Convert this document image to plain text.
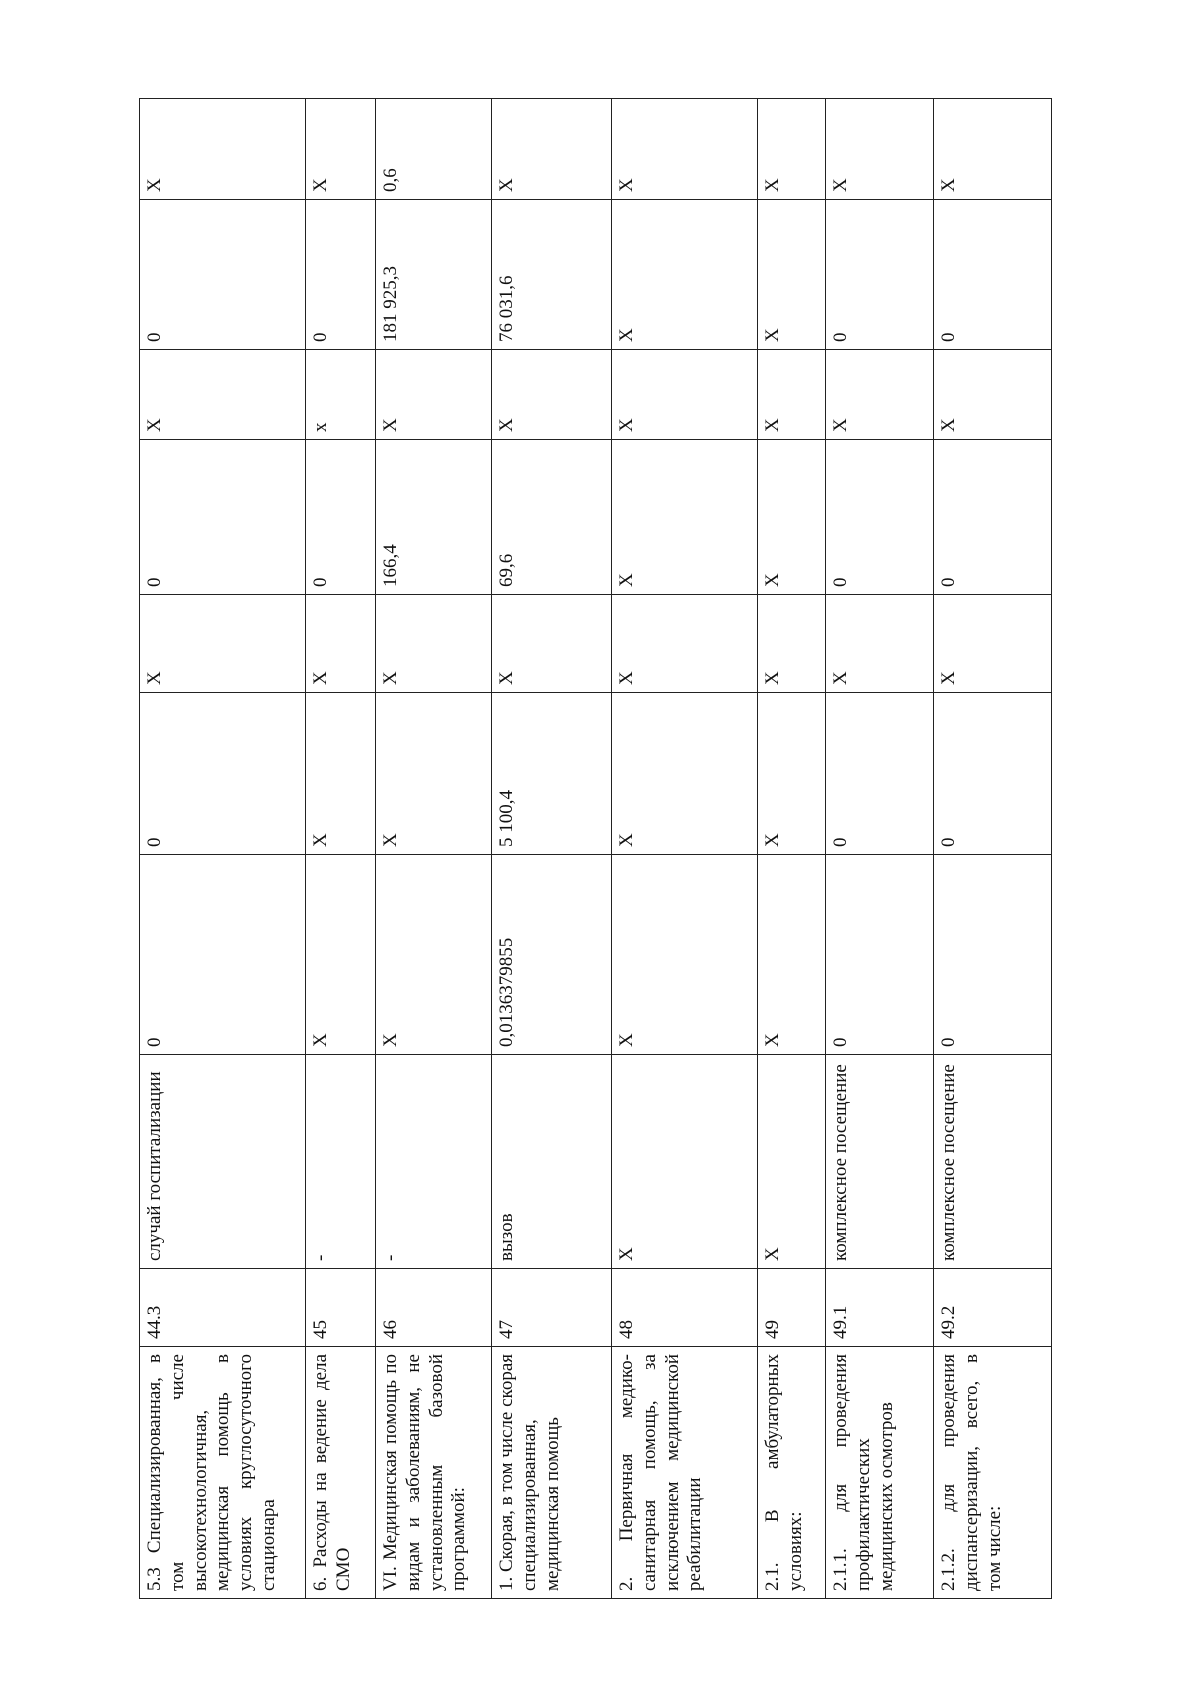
5.3 Специализированная, в том числе высокотехнологичная, медицинская помощь в условиях круглосуточного стационара	44.3	случай госпитализации	0	0	X	0	X	0	X
6. Расходы на ведение дела СМО	45	-	X	X	X	0	x	0	X
VI. Медицинская помощь по видам и заболеваниям, не установленным базовой программой:	46	-	X	X	X	166,4	X	181 925,3	0,6
1. Скорая, в том числе скорая специализированная, медицинская помощь	47	вызов	0,0136379855	5 100,4	X	69,6	X	76 031,6	X
2. Первичная медико-санитарная помощь, за исключением медицинской реабилитации	48	X	X	X	X	X	X	X	X
2.1. В амбулаторных условиях:	49	X	X	X	X	X	X	X	X
2.1.1. для проведения профилактических медицинских осмотров	49.1	комплексное посещение	0	0	X	0	X	0	X
2.1.2. для проведения диспансеризации, всего, в том числе:	49.2	комплексное посещение	0	0	X	0	X	0	X
